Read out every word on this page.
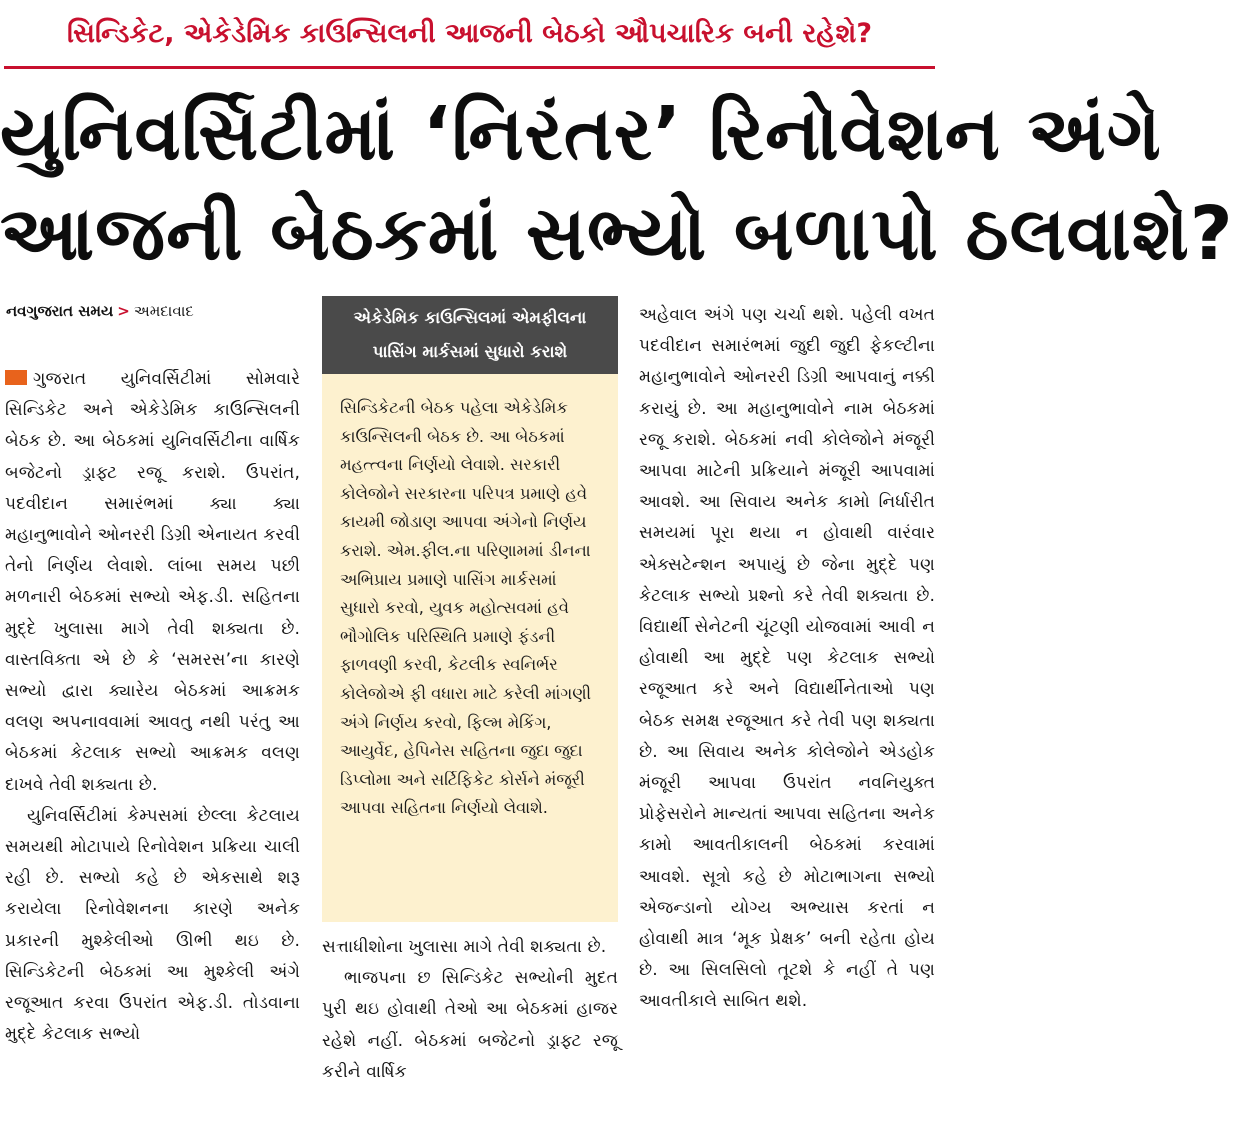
સિન્ડિકેટ, એકેડેમિક કાઉન્સિલની આજની બેઠકો ઔપચારિક બની રહેશે?
યુનિવર્સિટીમાં ‘નિરંતર’ રિનોવેશન અંગે
આજની બેઠકમાં સભ્યો બળાપો ઠલવાશે?
નવગુજરાત સમય > અમદાવાદ

ગુજરાત યુનિવર્સિટીમાં સોમવારે સિન્ડિકેટ અને એકેડેમિક કાઉન્સિલની બેઠક છે. આ બેઠકમાં યુનિવર્સિટીના વાર્ષિક બજેટનો ડ્રાફ્ટ રજૂ કરાશે. ઉપરાંત, પદવીદાન સમારંભમાં ક્યા ક્યા મહાનુભાવોને ઓનરરી ડિગ્રી એનાયત કરવી તેનો નિર્ણય લેવાશે. લાંબા સમય પછી મળનારી બેઠકમાં સભ્યો એફ.ડી. સહિતના મુદ્દે ખુલાસા માગે તેવી શક્યતા છે. વાસ્તવિક્તા એ છે કે ‘સમરસ’ના કારણે સભ્યો દ્વારા ક્યારેય બેઠકમાં આક્રમક વલણ અપનાવવામાં આવતુ નથી પરંતુ આ બેઠકમાં કેટલાક સભ્યો આક્રમક વલણ દાખવે તેવી શક્યતા છે.

યુનિવર્સિટીમાં કેમ્પસમાં છેલ્લા કેટલાય સમયથી મોટાપાયે રિનોવેશન પ્રક્રિયા ચાલી રહી છે. સભ્યો કહે છે એકસાથે શરૂ કરાયેલા રિનોવેશનના કારણે અનેક પ્રકારની મુશ્કેલીઓ ઊભી થઇ છે. સિન્ડિકેટની બેઠકમાં આ મુશ્કેલી અંગે રજૂઆત કરવા ઉપરાંત એફ.ડી. તોડવાના મુદ્દે કેટલાક સભ્યો

એકેડેમિક કાઉન્સિલમાં એમફીલના
પાસિંગ માર્કસમાં સુધારો કરાશે

સિન્ડિકેટની બેઠક પહેલા એકેડેમિક કાઉન્સિલની બેઠક છે. આ બેઠકમાં મહત્ત્વના નિર્ણયો લેવાશે. સરકારી કોલેજોને સરકારના પરિપત્ર પ્રમાણે હવે કાયમી જોડાણ આપવા અંગેનો નિર્ણય કરાશે. એમ.ફીલ.ના પરિણામમાં ડીનના અભિપ્રાય પ્રમાણે પાસિંગ માર્કસમાં સુધારો કરવો, યુવક મહોત્સવમાં હવે ભૌગોલિક પરિસ્થિતિ પ્રમાણે ફંડની ફાળવણી કરવી, કેટલીક સ્વનિર્ભર કોલેજોએ ફી વધારા માટે કરેલી માંગણી અંગે નિર્ણય કરવો, ફિલ્મ મેકિંગ, આયુર્વેદ, હેપિનેસ સહિતના જુદા જુદા ડિપ્લોમા અને સર્ટિફિકેટ કોર્સને મંજૂરી આપવા સહિતના નિર્ણયો લેવાશે.

સત્તાધીશોના ખુલાસા માગે તેવી શક્યતા છે.

ભાજપના છ સિન્ડિકેટ સભ્યોની મુદત પુરી થઇ હોવાથી તેઓ આ બેઠકમાં હાજર રહેશે નહીં. બેઠકમાં બજેટનો ડ્રાફ્ટ રજૂ કરીને વાર્ષિક

અહેવાલ અંગે પણ ચર્ચા થશે. પહેલી વખત પદવીદાન સમારંભમાં જુદી જુદી ફેકલ્ટીના મહાનુભાવોને ઓનરરી ડિગ્રી આપવાનું નક્કી કરાયું છે. આ મહાનુભાવોને નામ બેઠકમાં રજૂ કરાશે. બેઠકમાં નવી કોલેજોને મંજૂરી આપવા માટેની પ્રક્રિયાને મંજૂરી આપવામાં આવશે. આ સિવાય અનેક કામો નિર્ધારીત સમયમાં પૂરા થયા ન હોવાથી વારંવાર એક્સટેન્શન અપાયું છે જેના મુદ્દે પણ કેટલાક સભ્યો પ્રશ્નો કરે તેવી શક્યતા છે. વિદ્યાર્થી સેનેટની ચૂંટણી યોજવામાં આવી ન હોવાથી આ મુદ્દે પણ કેટલાક સભ્યો રજૂઆત કરે અને વિદ્યાર્થીનેતાઓ પણ બેઠક સમક્ષ રજૂઆત કરે તેવી પણ શક્યતા છે. આ સિવાય અનેક કોલેજોને એડહોક મંજૂરી આપવા ઉપરાંત નવનિયુક્ત પ્રોફેસરોને માન્યતાં આપવા સહિતના અનેક કામો આવતીકાલની બેઠકમાં કરવામાં આવશે. સૂત્રો કહે છે મોટાભાગના સભ્યો એજન્ડાનો યોગ્ય અભ્યાસ કરતાં ન હોવાથી માત્ર ‘મૂક પ્રેક્ષક’ બની રહેતા હોય છે. આ સિલસિલો તૂટશે કે નહીં તે પણ આવતીકાલે સાબિત થશે.
